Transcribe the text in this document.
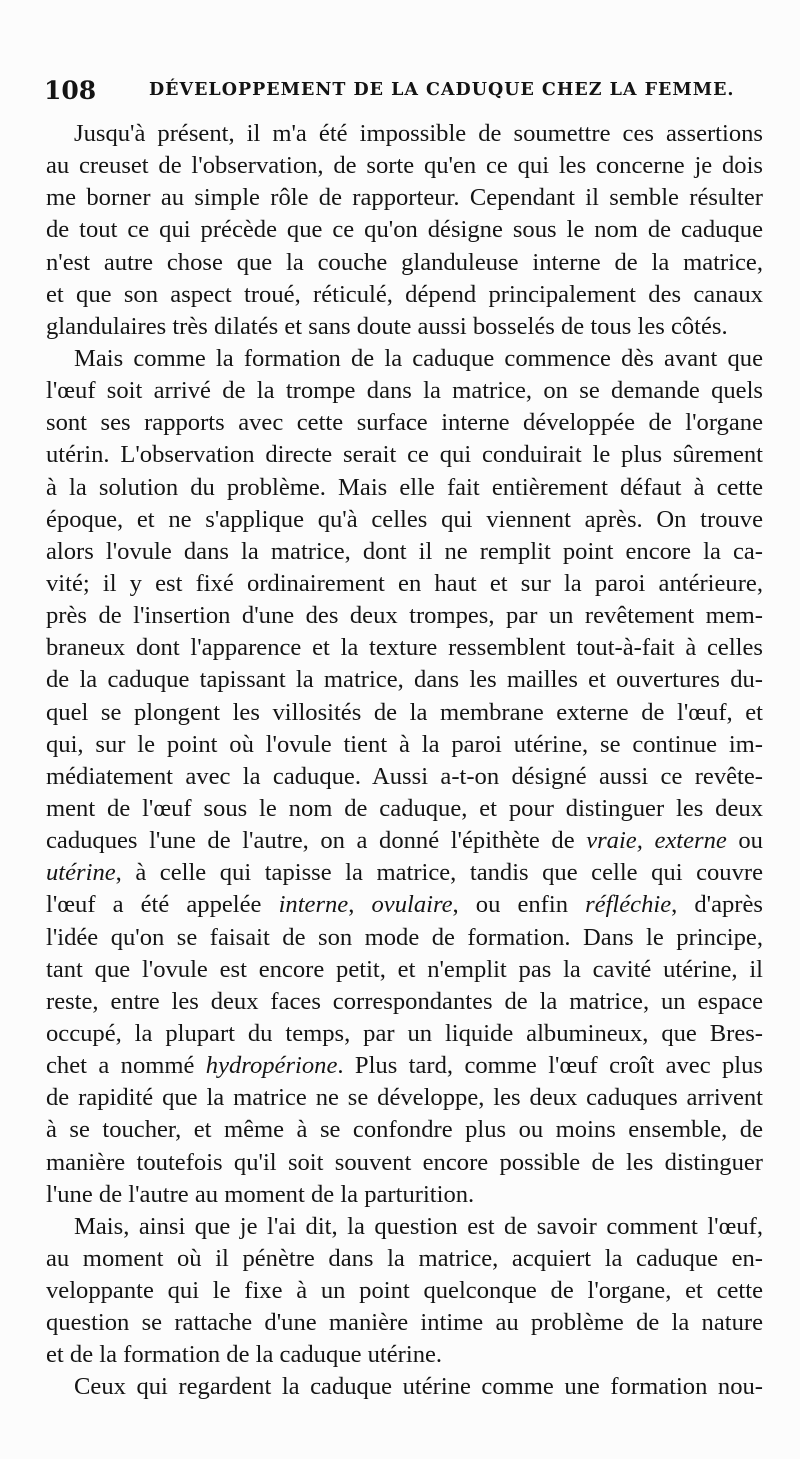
108	DÉVELOPPEMENT DE LA CADUQUE CHEZ LA FEMME.
Jusqu'à présent, il m'a été impossible de soumettre ces assertions
au creuset de l'observation, de sorte qu'en ce qui les concerne je dois
me borner au simple rôle de rapporteur. Cependant il semble résulter
de tout ce qui précède que ce qu'on désigne sous le nom de caduque
n'est autre chose que la couche glanduleuse interne de la matrice,
et que son aspect troué, réticulé, dépend principalement des canaux
glandulaires très dilatés et sans doute aussi bosselés de tous les côtés.
Mais comme la formation de la caduque commence dès avant que
l'œuf soit arrivé de la trompe dans la matrice, on se demande quels
sont ses rapports avec cette surface interne développée de l'organe
utérin. L'observation directe serait ce qui conduirait le plus sûrement
à la solution du problème. Mais elle fait entièrement défaut à cette
époque, et ne s'applique qu'à celles qui viennent après. On trouve
alors l'ovule dans la matrice, dont il ne remplit point encore la ca-
vité; il y est fixé ordinairement en haut et sur la paroi antérieure,
près de l'insertion d'une des deux trompes, par un revêtement mem-
braneux dont l'apparence et la texture ressemblent tout-à-fait à celles
de la caduque tapissant la matrice, dans les mailles et ouvertures du-
quel se plongent les villosités de la membrane externe de l'œuf, et
qui, sur le point où l'ovule tient à la paroi utérine, se continue im-
médiatement avec la caduque. Aussi a-t-on désigné aussi ce revête-
ment de l'œuf sous le nom de caduque, et pour distinguer les deux
caduques l'une de l'autre, on a donné l'épithète de vraie, externe ou
utérine, à celle qui tapisse la matrice, tandis que celle qui couvre
l'œuf a été appelée interne, ovulaire, ou enfin réfléchie, d'après
l'idée qu'on se faisait de son mode de formation. Dans le principe,
tant que l'ovule est encore petit, et n'emplit pas la cavité utérine, il
reste, entre les deux faces correspondantes de la matrice, un espace
occupé, la plupart du temps, par un liquide albumineux, que Bres-
chet a nommé hydropérione. Plus tard, comme l'œuf croît avec plus
de rapidité que la matrice ne se développe, les deux caduques arrivent
à se toucher, et même à se confondre plus ou moins ensemble, de
manière toutefois qu'il soit souvent encore possible de les distinguer
l'une de l'autre au moment de la parturition.
Mais, ainsi que je l'ai dit, la question est de savoir comment l'œuf,
au moment où il pénètre dans la matrice, acquiert la caduque en-
veloppante qui le fixe à un point quelconque de l'organe, et cette
question se rattache d'une manière intime au problème de la nature
et de la formation de la caduque utérine.
Ceux qui regardent la caduque utérine comme une formation nou-
